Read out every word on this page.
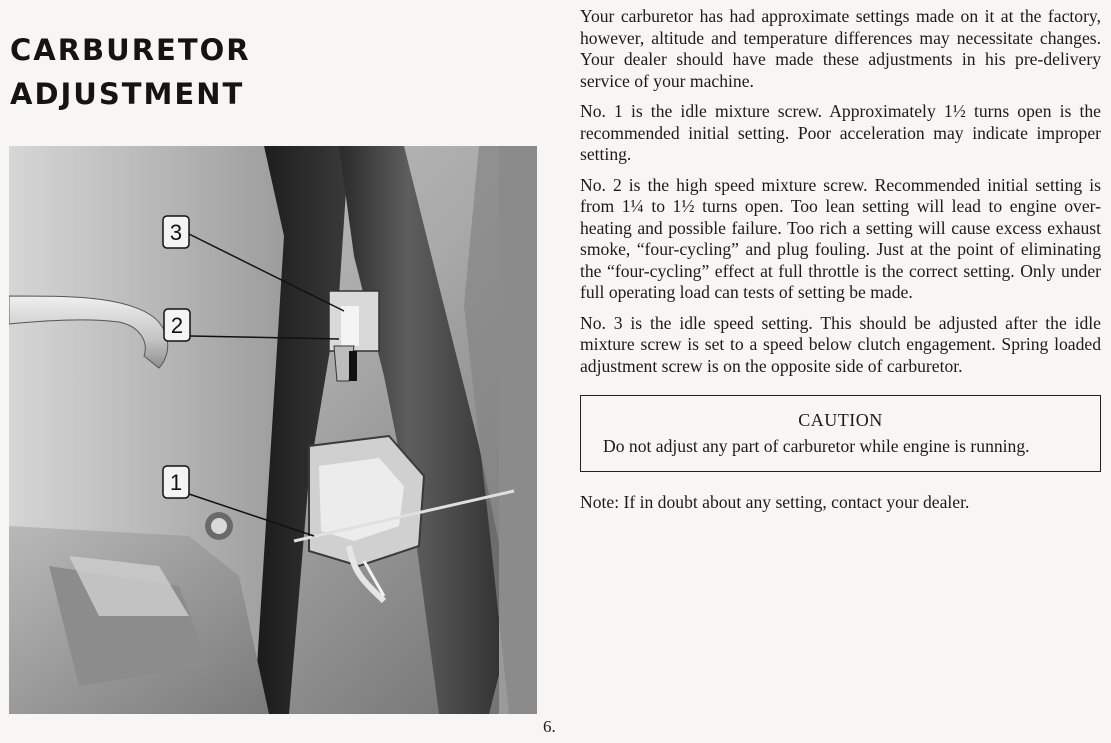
CARBURETOR
ADJUSTMENT
3
2
1
6.

Your carburetor has had approximate settings made on it at the factory, however, altitude and temperature differences may necessitate changes. Your dealer should have made these adjustments in his pre-delivery service of your machine.

No. 1 is the idle mixture screw. Approximately 1½ turns open is the recommended initial setting. Poor acceleration may indicate improper setting.

No. 2 is the high speed mixture screw. Recommended initial setting is from 1¼ to 1½ turns open. Too lean setting will lead to engine over-heating and possible failure. Too rich a setting will cause excess exhaust smoke, “four-cycling” and plug fouling. Just at the point of eliminating the “four-cycling” effect at full throttle is the correct setting. Only under full operating load can tests of setting be made.

No. 3 is the idle speed setting. This should be adjusted after the idle mixture screw is set to a speed below clutch engagement. Spring loaded adjustment screw is on the opposite side of carburetor.

CAUTION
Do not adjust any part of carburetor while engine is running.

Note: If in doubt about any setting, contact your dealer.
